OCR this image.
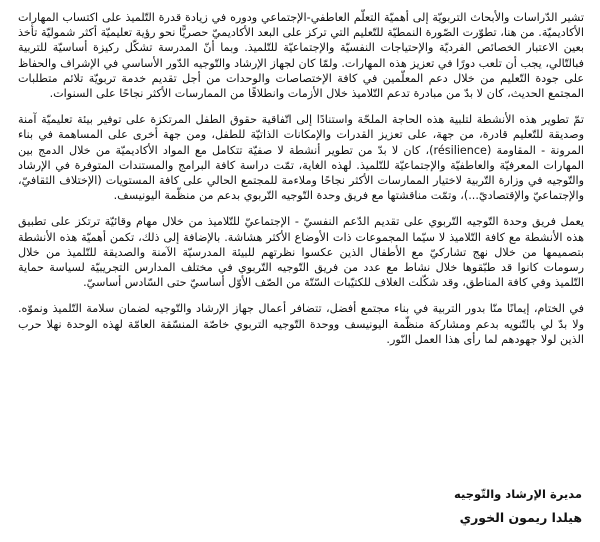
تشير الدّراسات والأبحاث التربويّة إلى أهميّة التعلّم العاطفي-الإجتماعي ودوره في زيادة قدرة التّلميذ على اكتساب المهارات الأكاديميّة. من هنا، تطوّرت الصّورة النمطيّة للتّعليم التي تركز على البعد الأكاديميّ حصريًّا نحو رؤية تعليميّة أكثر شموليّة تأخذ بعين الاعتبار الخصائص الفرديّة والإحتياجات النفسيّة والإجتماعيّة للتّلميذ. وبما أنّ المدرسة تشكّل ركيزة أساسيّة للتربية فبالتّالي، يجب أن تلعب دورًا في تعزيز هذه المهارات. ولمّا كان لجهاز الإرشاد والتّوجيه الدّور الأساسي في الإشراف والحفاظ على جودة التّعليم من خلال دعم المعلّمين في كافة الإختصاصات والوحدات من أجل تقديم خدمة تربويّة تلائم متطلبات المجتمع الحديث، كان لا بدّ من مبادرة تدعم التّلاميذ خلال الأزمات وانطلاقًا من الممارسات الأكثر نجاحًا على السنوات.

تمّ تطوير هذه الأنشطة لتلبية هذه الحاجة الملحّة واستنادًا إلى اتّفاقية حقوق الطفل المرتكزة على توفير بيئة تعليميّة آمنة وصديقة للتّعليم قادرة، من جهة، على تعزيز القدرات والإمكانات الذاتيّة للطفل، ومن جهة أخرى على المساهمة في بناء المرونة - المقاومة (résilience)، كان لا بدّ من تطوير أنشطة لا صفيّة تتكامل مع المواد الأكاديميّة من خلال الدمج بين المهارات المعرفيّة والعاطفيّة والإجتماعيّة للتّلميذ. لهذه الغاية، تمّت دراسة كافة البرامج والمستندات المتوفرة في الإرشاد والتّوجيه في وزارة التّربية لاختيار الممارسات الأكثر نجاحًا وملاءمة للمجتمع الحالي على كافة المستويات (الإختلاف الثقافيّ، والإجتماعيّ والإقتصاديّ...)، وتمّت مناقشتها مع فريق وحدة التّوجيه التّربوي بدعم من منظّمة اليونيسف.

يعمل فريق وحدة التّوجيه التّربوي على تقديم الدّعم النفسيّ - الإجتماعيّ للتّلاميذ من خلال مهام وقائيّة ترتكز على تطبيق هذه الأنشطة مع كافة التّلاميذ لا سيّما المجموعات ذات الأوضاع الأكثر هشاشة. بالإضافة إلى ذلك، تكمن أهميّة هذه الأنشطة بتصميمها من خلال نهج تشاركيّ مع الأطفال الذين عكسوا نظرتهم للبيئة المدرسيّة الآمنة والصديقة للتّلميذ من خلال رسومات كانوا قد طبّقوها خلال نشاط مع عدد من فريق التّوجيه التّربوي في مختلف المدارس التجريبيّة لسياسة حماية التّلميذ وفي كافة المناطق، وقد شكّلت الغلاف للكتيّبات السّتّة من الصّف الأوّل أساسيّ حتى السّادس أساسيّ.

في الختام، إيمانًا منّا بدور التربية في بناء مجتمع أفضل، تتضافر أعمال جهاز الإرشاد والتّوجيه لضمان سلامة التّلميذ ونموّه. ولا بدّ لي بالتّنويه بدعم ومشاركة منظّمة اليونيسف ووحدة التّوجيه التربوي خاصّة المنسّقة العامّة لهذه الوحدة نهلا حرب الذين لولا جهودهم لما رأى هذا العمل النّور.

مديرة الإرشاد والتّوجيه

هيلدا ريمون الخوري
